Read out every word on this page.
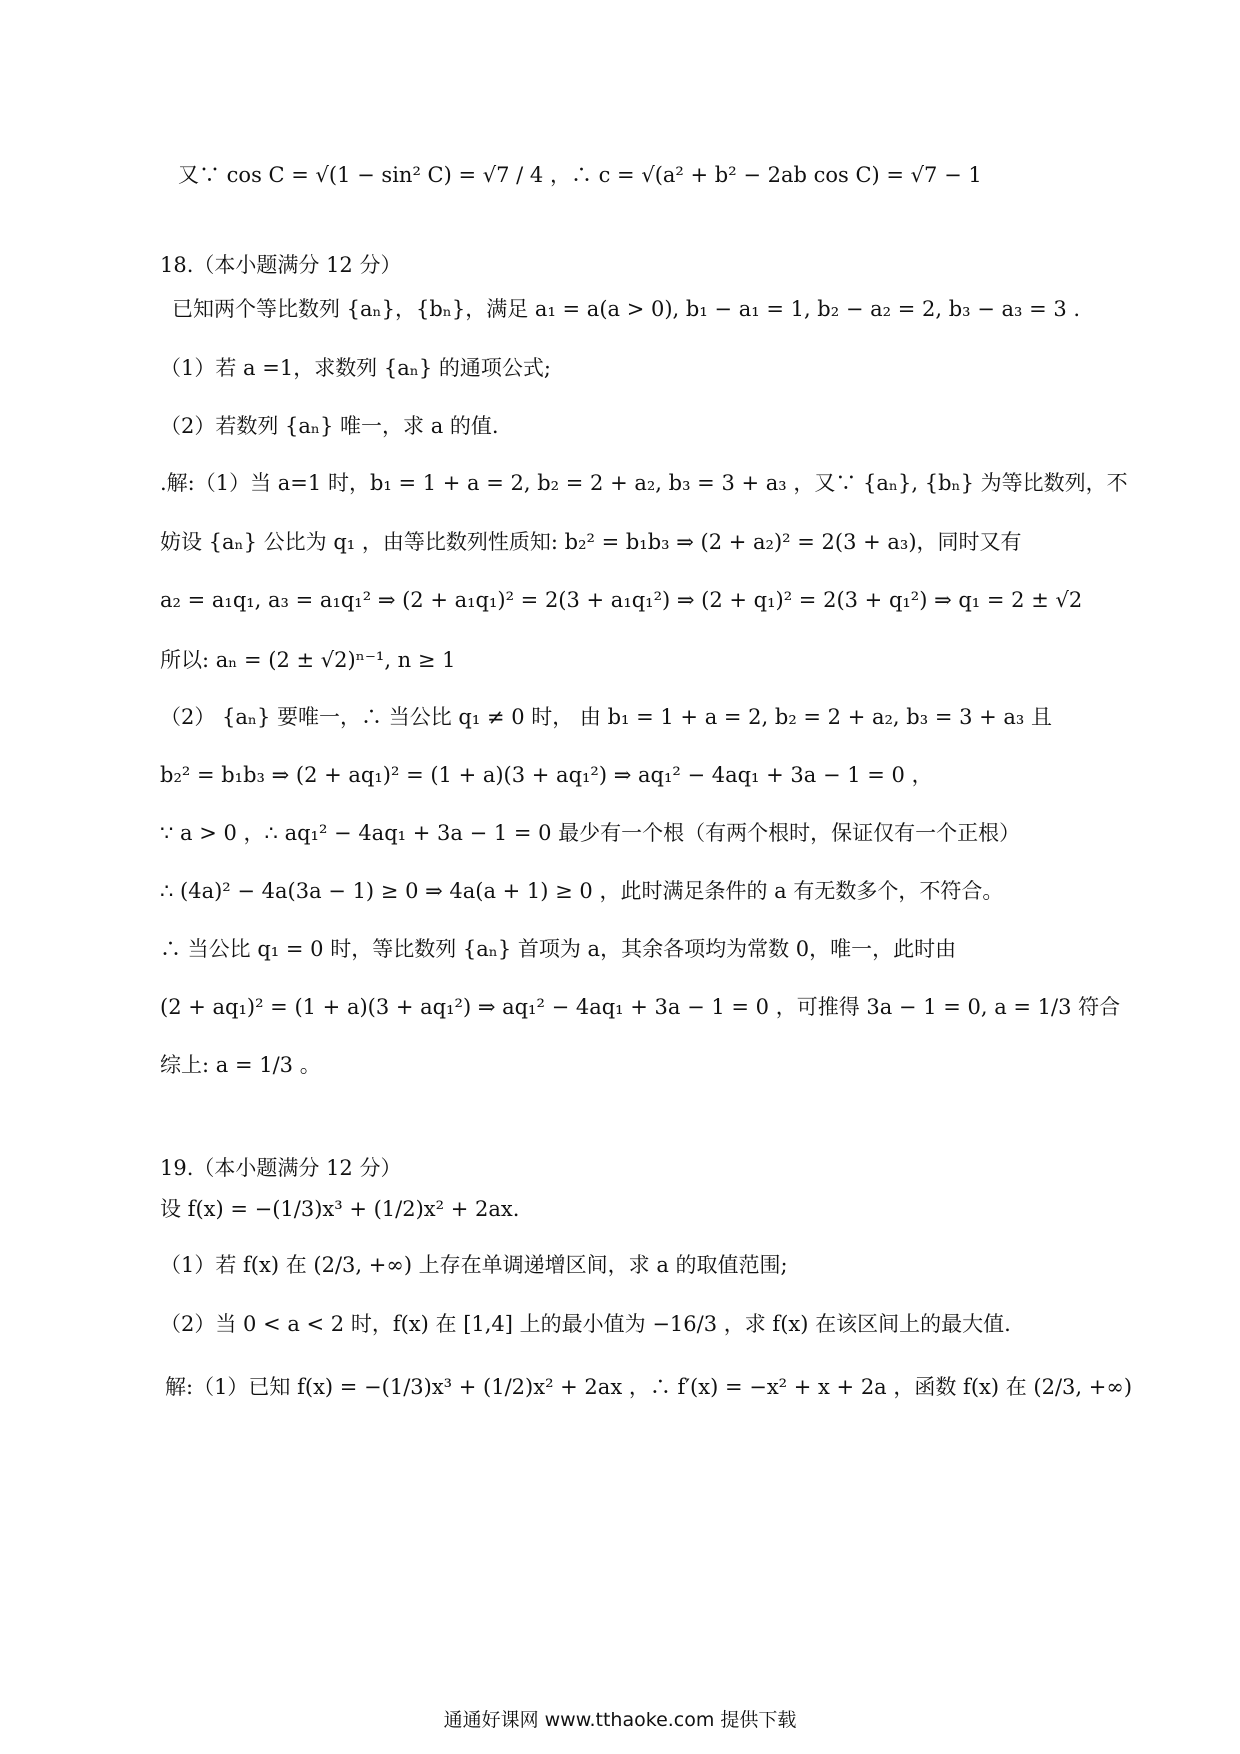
又∵ cos C = √(1 − sin² C) = √7 / 4 ，∴ c = √(a² + b² − 2ab cos C) = √7 − 1
18.（本小题满分 12 分）
已知两个等比数列 {aₙ}，{bₙ}，满足 a₁ = a(a > 0), b₁ − a₁ = 1, b₂ − a₂ = 2, b₃ − a₃ = 3 .
（1）若 a =1，求数列 {aₙ} 的通项公式;
（2）若数列 {aₙ} 唯一，求 a 的值.
.解:（1）当 a=1 时，b₁ = 1 + a = 2, b₂ = 2 + a₂, b₃ = 3 + a₃ ，又∵ {aₙ}, {bₙ} 为等比数列，不
妨设 {aₙ} 公比为 q₁ ，由等比数列性质知: b₂² = b₁b₃ ⇒ (2 + a₂)² = 2(3 + a₃)，同时又有
a₂ = a₁q₁, a₃ = a₁q₁² ⇒ (2 + a₁q₁)² = 2(3 + a₁q₁²) ⇒ (2 + q₁)² = 2(3 + q₁²) ⇒ q₁ = 2 ± √2
所以: aₙ = (2 ± √2)ⁿ⁻¹, n ≥ 1
（2） {aₙ} 要唯一，∴ 当公比 q₁ ≠ 0 时， 由 b₁ = 1 + a = 2, b₂ = 2 + a₂, b₃ = 3 + a₃ 且
b₂² = b₁b₃ ⇒ (2 + aq₁)² = (1 + a)(3 + aq₁²) ⇒ aq₁² − 4aq₁ + 3a − 1 = 0 ，
∵ a > 0 ，∴ aq₁² − 4aq₁ + 3a − 1 = 0 最少有一个根（有两个根时，保证仅有一个正根）
∴ (4a)² − 4a(3a − 1) ≥ 0 ⇒ 4a(a + 1) ≥ 0 ，此时满足条件的 a 有无数多个，不符合。
∴ 当公比 q₁ = 0 时，等比数列 {aₙ} 首项为 a，其余各项均为常数 0，唯一，此时由
(2 + aq₁)² = (1 + a)(3 + aq₁²) ⇒ aq₁² − 4aq₁ + 3a − 1 = 0 ，可推得 3a − 1 = 0, a = 1/3 符合
综上: a = 1/3 。
19.（本小题满分 12 分）
设 f(x) = −(1/3)x³ + (1/2)x² + 2ax.
（1）若 f(x) 在 (2/3, +∞) 上存在单调递增区间，求 a 的取值范围;
（2）当 0 < a < 2 时，f(x) 在 [1,4] 上的最小值为 −16/3 ，求 f(x) 在该区间上的最大值.
解:（1）已知 f(x) = −(1/3)x³ + (1/2)x² + 2ax ，∴ f′(x) = −x² + x + 2a ，函数 f(x) 在 (2/3, +∞)
通通好课网 www.tthaoke.com 提供下载
